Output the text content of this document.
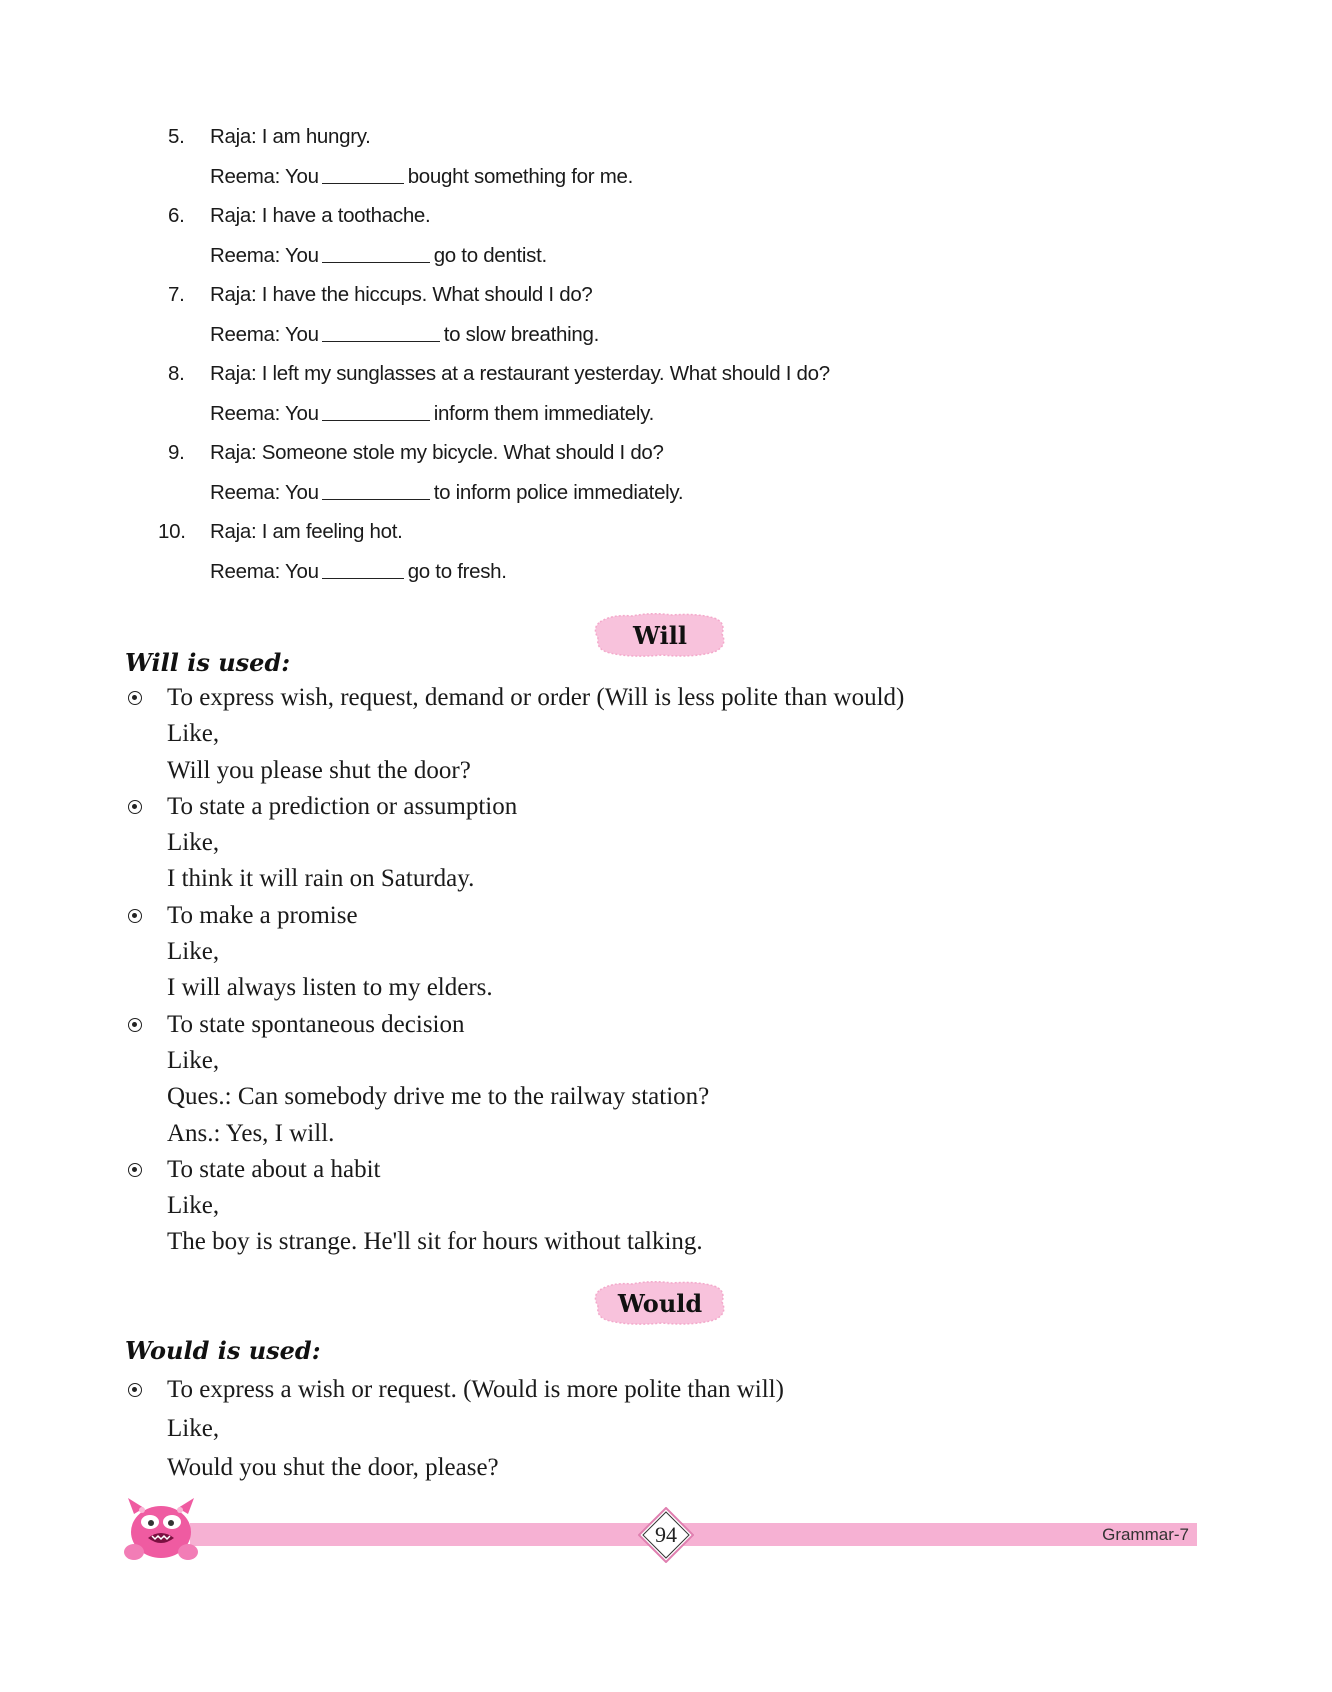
5.	Raja: I am hungry.
Reema: You	bought something for me.
6.	Raja: I have a toothache.
Reema: You	go to dentist.
7.	Raja: I have the hiccups. What should I do?
Reema: You	to slow breathing.
8.	Raja: I left my sunglasses at a restaurant yesterday. What should I do?
Reema: You	inform them immediately.
9.	Raja: Someone stole my bicycle. What should I do?
Reema: You	to inform police immediately.
10.	Raja: I am feeling hot.
Reema: You	go to fresh.
Will
Will is used:
To express wish, request, demand or order (Will is less polite than would)
Like,
Will you please shut the door?
To state a prediction or assumption
Like,
I think it will rain on Saturday.
To make a promise
Like,
I will always listen to my elders.
To state spontaneous decision
Like,
Ques.: Can somebody drive me to the railway station?
Ans.: Yes, I will.
To state about a habit
Like,
The boy is strange. He'll sit for hours without talking.
Would
Would is used:
To express a wish or request. (Would is more polite than will)
Like,
Would you shut the door, please?
Grammar-7
94
